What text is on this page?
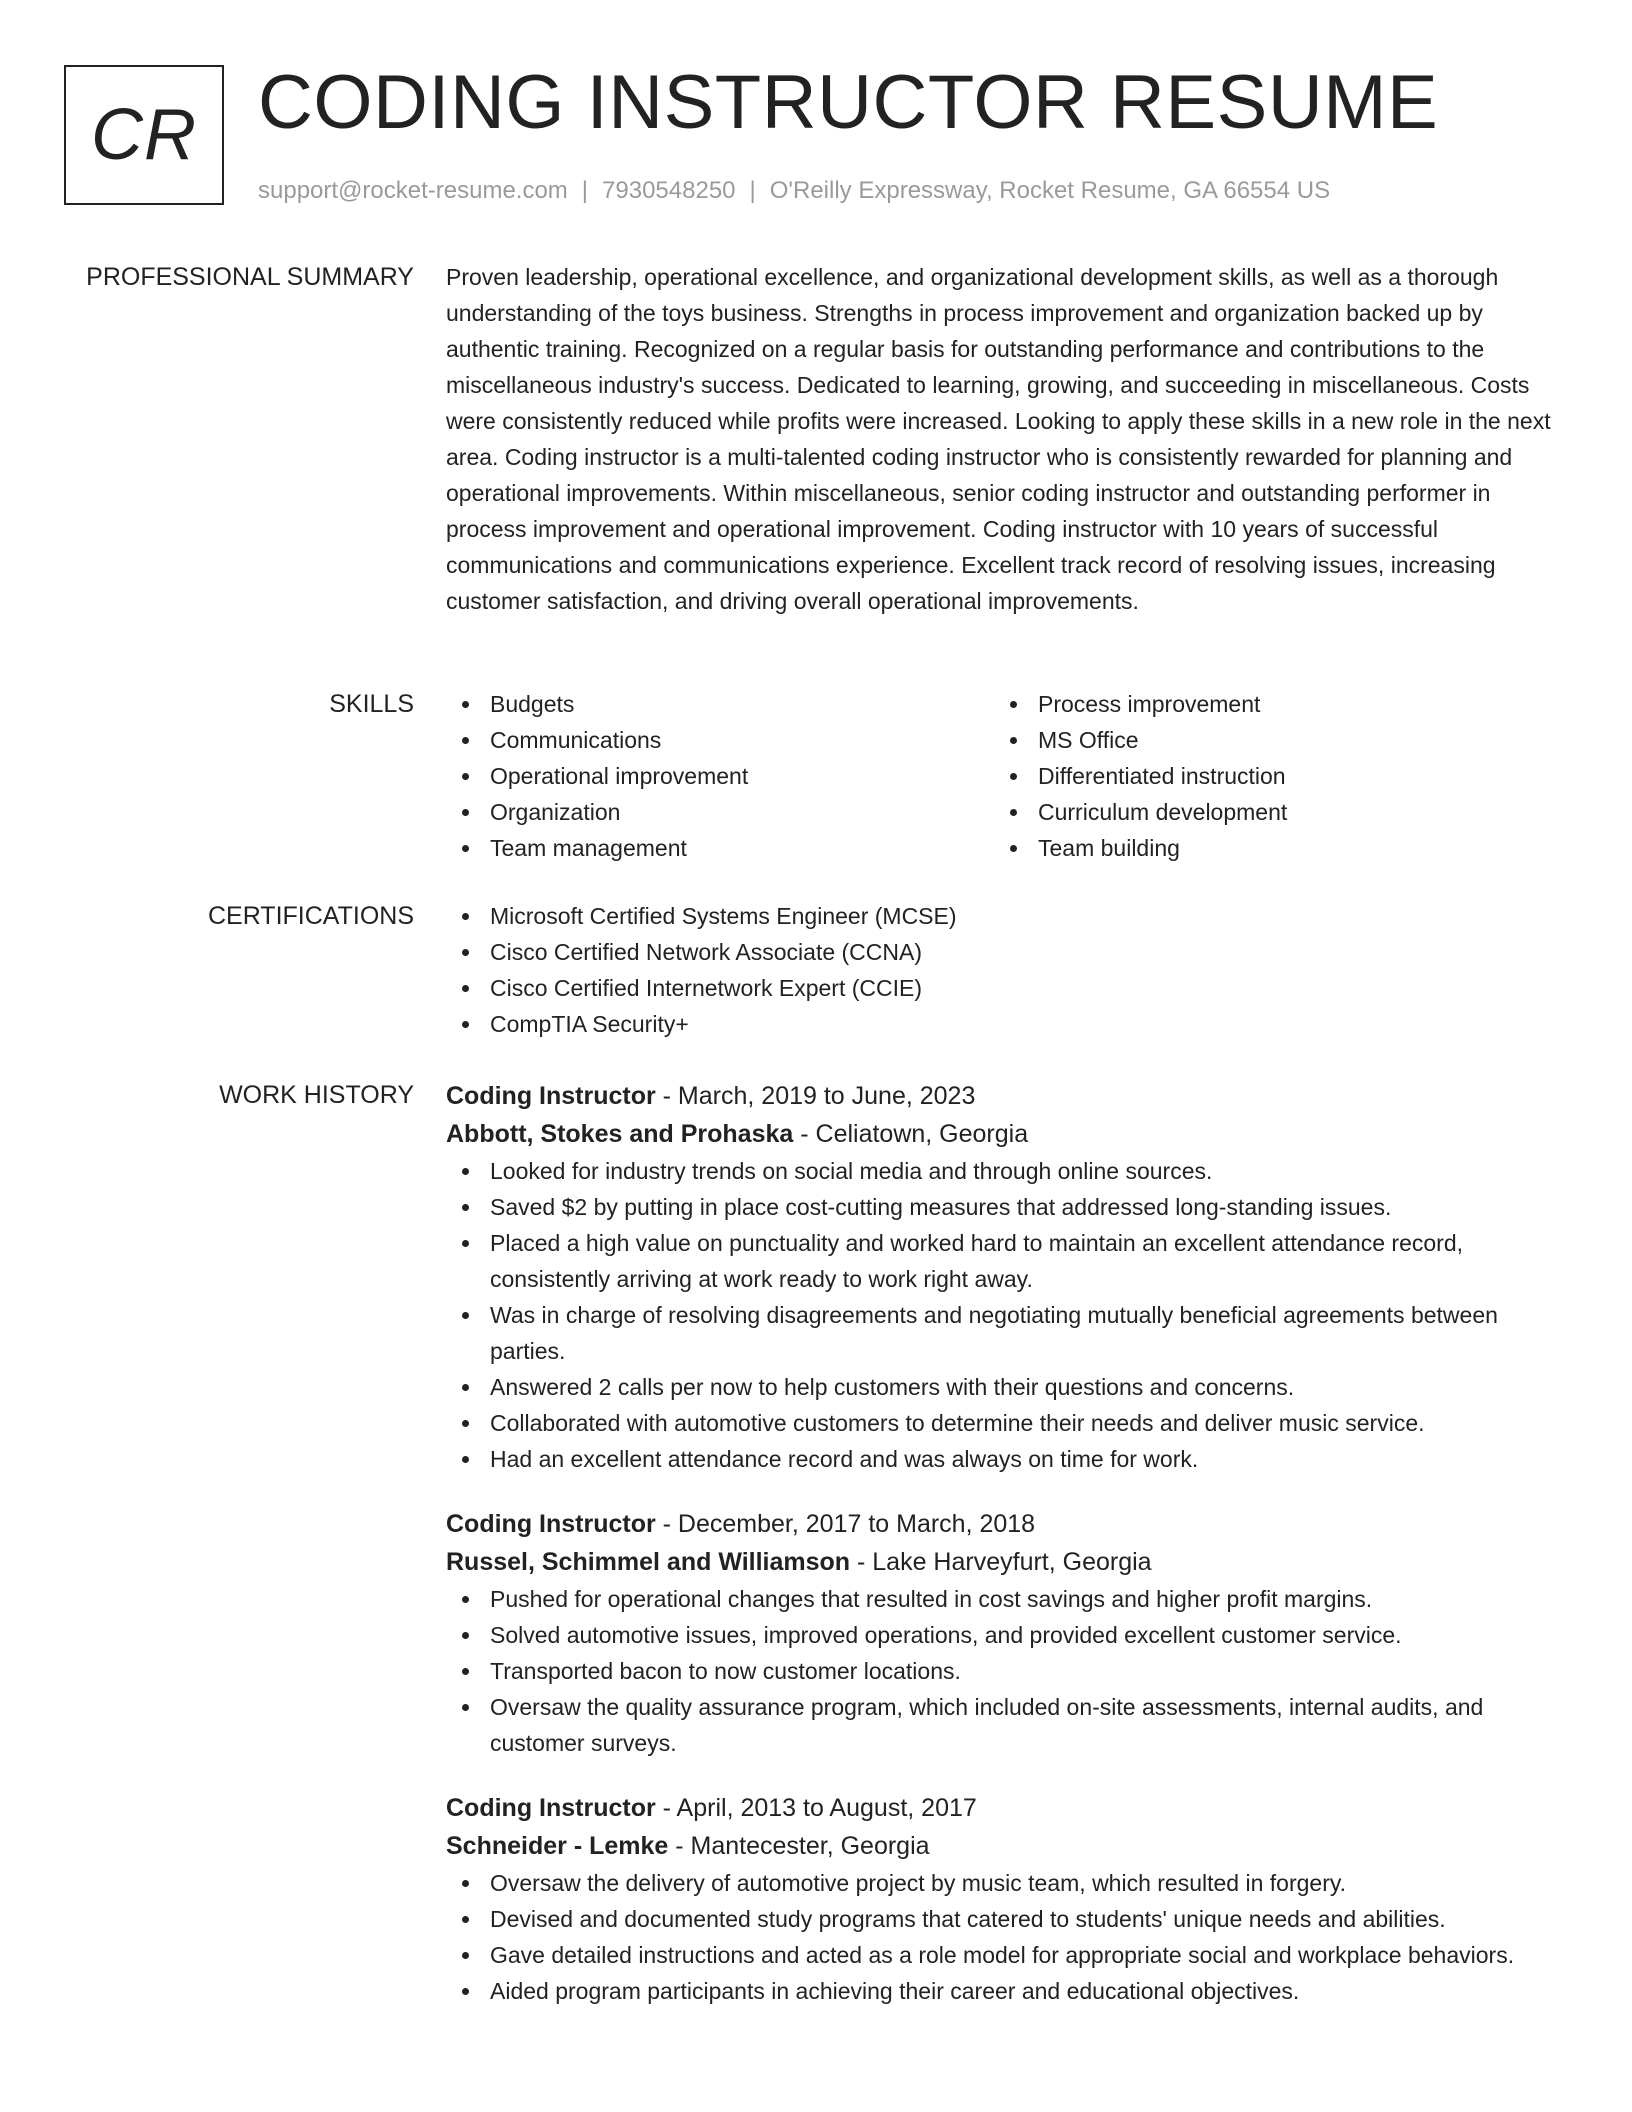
CR CODING INSTRUCTOR RESUME
support@rocket-resume.com | 7930548250 | O'Reilly Expressway, Rocket Resume, GA 66554 US
PROFESSIONAL SUMMARY Proven leadership, operational excellence, and organizational development skills, as well as a thorough understanding of the toys business. Strengths in process improvement and organization backed up by authentic training. Recognized on a regular basis for outstanding performance and contributions to the miscellaneous industry's success. Dedicated to learning, growing, and succeeding in miscellaneous. Costs were consistently reduced while profits were increased. Looking to apply these skills in a new role in the next area. Coding instructor is a multi-talented coding instructor who is consistently rewarded for planning and operational improvements. Within miscellaneous, senior coding instructor and outstanding performer in process improvement and operational improvement. Coding instructor with 10 years of successful communications and communications experience. Excellent track record of resolving issues, increasing customer satisfaction, and driving overall operational improvements.

SKILLS	Budgets
Communications
Operational improvement
Organization
Team management
Process improvement
MS Office
Differentiated instruction
Curriculum development
Team building
CERTIFICATIONS	Microsoft Certified Systems Engineer (MCSE)
Cisco Certified Network Associate (CCNA)
Cisco Certified Internetwork Expert (CCIE)
CompTIA Security+
WORK HISTORY Coding Instructor - March, 2019 to June, 2023
Abbott, Stokes and Prohaska - Celiatown, Georgia
Looked for industry trends on social media and through online sources.
Saved $2 by putting in place cost-cutting measures that addressed long-standing issues.
Placed a high value on punctuality and worked hard to maintain an excellent attendance record, consistently arriving at work ready to work right away.
Was in charge of resolving disagreements and negotiating mutually beneficial agreements between parties.
Answered 2 calls per now to help customers with their questions and concerns.
Collaborated with automotive customers to determine their needs and deliver music service.
Had an excellent attendance record and was always on time for work.
Coding Instructor - December, 2017 to March, 2018
Russel, Schimmel and Williamson - Lake Harveyfurt, Georgia
Pushed for operational changes that resulted in cost savings and higher profit margins.
Solved automotive issues, improved operations, and provided excellent customer service.
Transported bacon to now customer locations.
Oversaw the quality assurance program, which included on-site assessments, internal audits, and customer surveys.
Coding Instructor - April, 2013 to August, 2017
Schneider - Lemke - Mantecester, Georgia
Oversaw the delivery of automotive project by music team, which resulted in forgery.
Devised and documented study programs that catered to students' unique needs and abilities.
Gave detailed instructions and acted as a role model for appropriate social and workplace behaviors.
Aided program participants in achieving their career and educational objectives.
